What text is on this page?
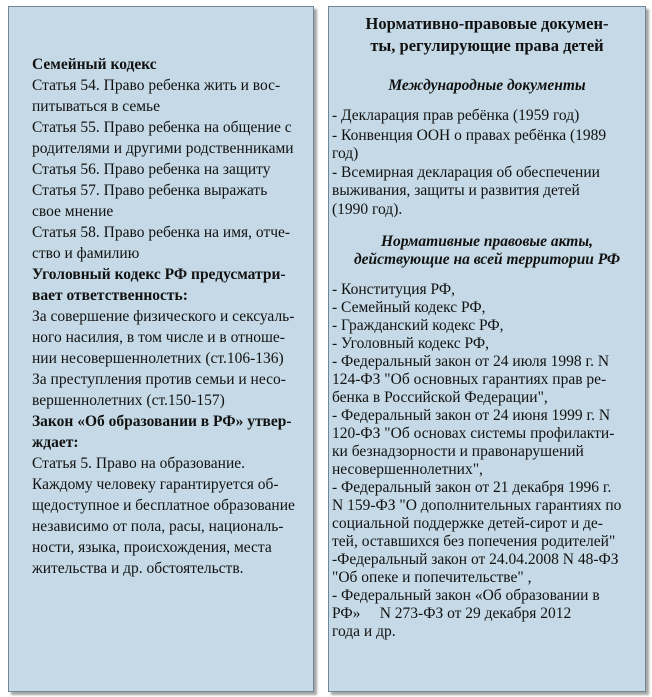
Семейный кодекс
Статья 54. Право ребенка жить и вос-
питываться в семье
Статья 55. Право ребенка на общение с
родителями и другими родственниками
Статья 56. Право ребенка на защиту
Статья 57. Право ребенка выражать
свое мнение
Статья 58. Право ребенка на имя, отче-
ство и фамилию
Уголовный кодекс РФ предусматри-
вает ответственность:
За совершение физического и сексуаль-
ного насилия, в том числе и в отноше-
нии несовершеннолетних (ст.106-136)
За преступления против семьи и несо-
вершеннолетних (ст.150-157)
Закон «Об образовании в РФ» утвер-
ждает:
Статья 5. Право на образование.
Каждому человеку гарантируется об-
щедоступное и бесплатное образование
независимо от пола, расы, националь-
ности, языка, происхождения, места
жительства и др. обстоятельств.
Нормативно-правовые докумен-
ты, регулирующие права детей
Международные документы
- Декларация прав ребёнка (1959 год)
- Конвенция ООН о правах ребёнка (1989
год)
- Всемирная декларация об обеспечении
выживания, защиты и развития детей
(1990 год).
Нормативные правовые акты,
действующие на всей территории РФ
- Конституция РФ,
- Семейный кодекс РФ,
- Гражданский кодекс РФ,
- Уголовный кодекс РФ,
- Федеральный закон от 24 июля 1998 г. N
124-ФЗ "Об основных гарантиях прав ре-
бенка в Российской Федерации",
- Федеральный закон от 24 июня 1999 г. N
120-ФЗ "Об основах системы профилакти-
ки безнадзорности и правонарушений
несовершеннолетних",
- Федеральный закон от 21 декабря 1996 г.
N 159-ФЗ "О дополнительных гарантиях по
социальной поддержке детей-сирот и де-
тей, оставшихся без попечения родителей"
-Федеральный закон от 24.04.2008 N 48-ФЗ
"Об опеке и попечительстве" ,
- Федеральный закон «Об образовании в
РФ»     N 273-ФЗ от 29 декабря 2012
года и др.
